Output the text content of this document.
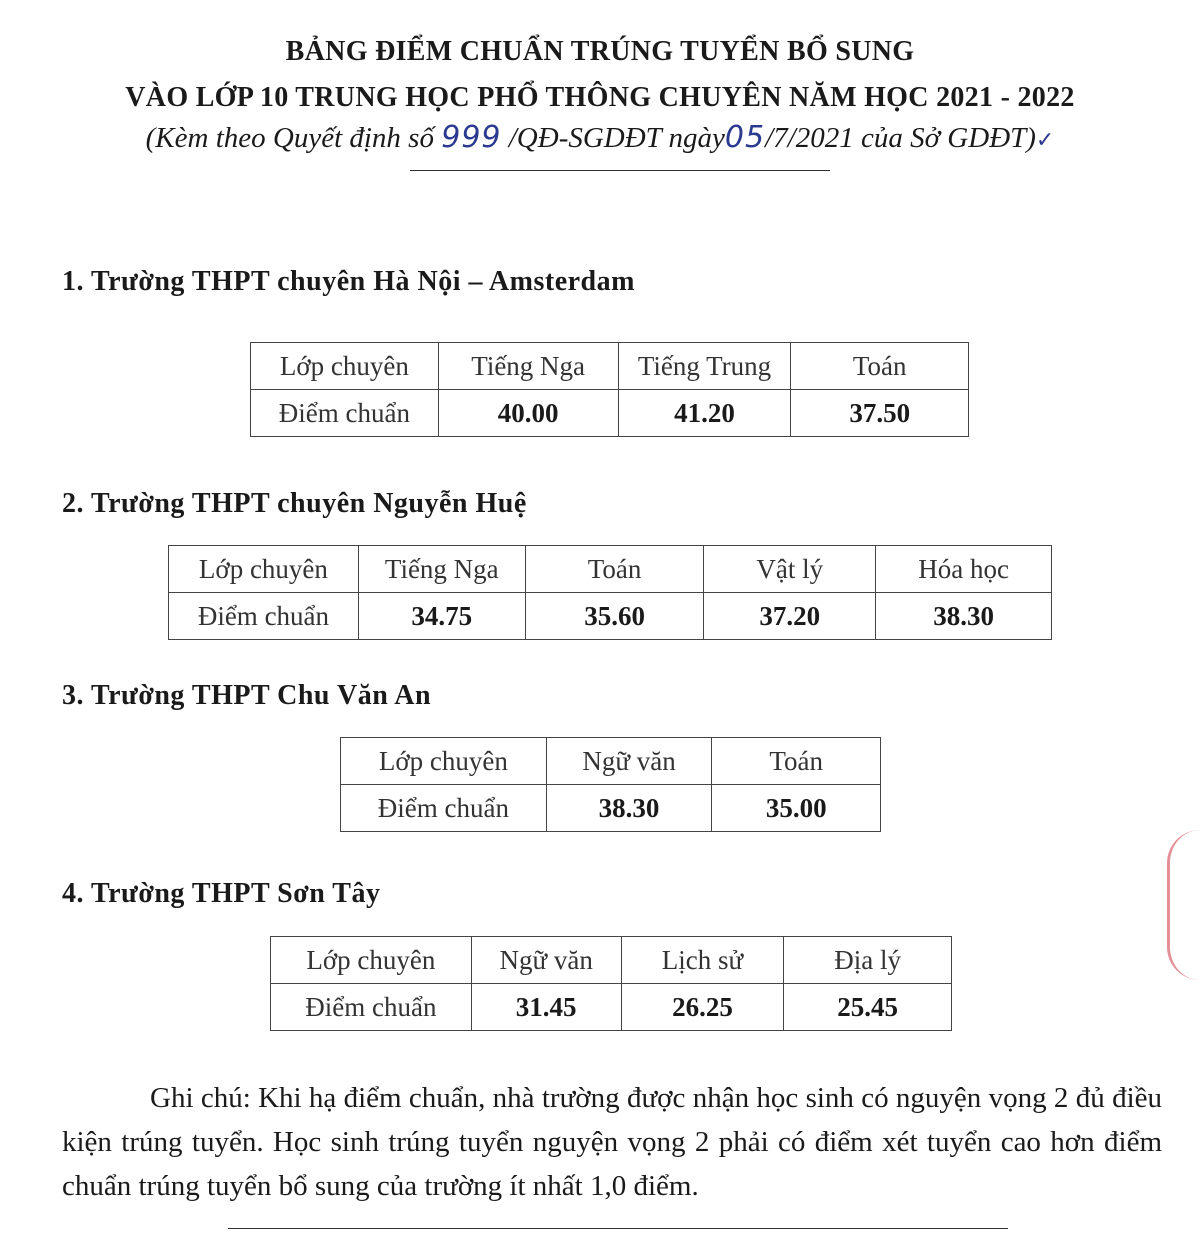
BẢNG ĐIỂM CHUẨN TRÚNG TUYỂN BỔ SUNG
VÀO LỚP 10 TRUNG HỌC PHỔ THÔNG CHUYÊN NĂM HỌC 2021 - 2022
(Kèm theo Quyết định số 999 /QĐ-SGDĐT ngày05/7/2021 của Sở GDĐT)✓
1. Trường THPT chuyên Hà Nội – Amsterdam
Lớp chuyên	Tiếng Nga	Tiếng Trung	Toán
Điểm chuẩn	40.00	41.20	37.50
2. Trường THPT chuyên Nguyễn Huệ
Lớp chuyên	Tiếng Nga	Toán	Vật lý	Hóa học
Điểm chuẩn	34.75	35.60	37.20	38.30
3. Trường THPT Chu Văn An
Lớp chuyên	Ngữ văn	Toán
Điểm chuẩn	38.30	35.00
4. Trường THPT Sơn Tây
Lớp chuyên	Ngữ văn	Lịch sử	Địa lý
Điểm chuẩn	31.45	26.25	25.45
Ghi chú: Khi hạ điểm chuẩn, nhà trường được nhận học sinh có nguyện vọng 2 đủ điều kiện trúng tuyển. Học sinh trúng tuyển nguyện vọng 2 phải có điểm xét tuyển cao hơn điểm chuẩn trúng tuyển bổ sung của trường ít nhất 1,0 điểm.
